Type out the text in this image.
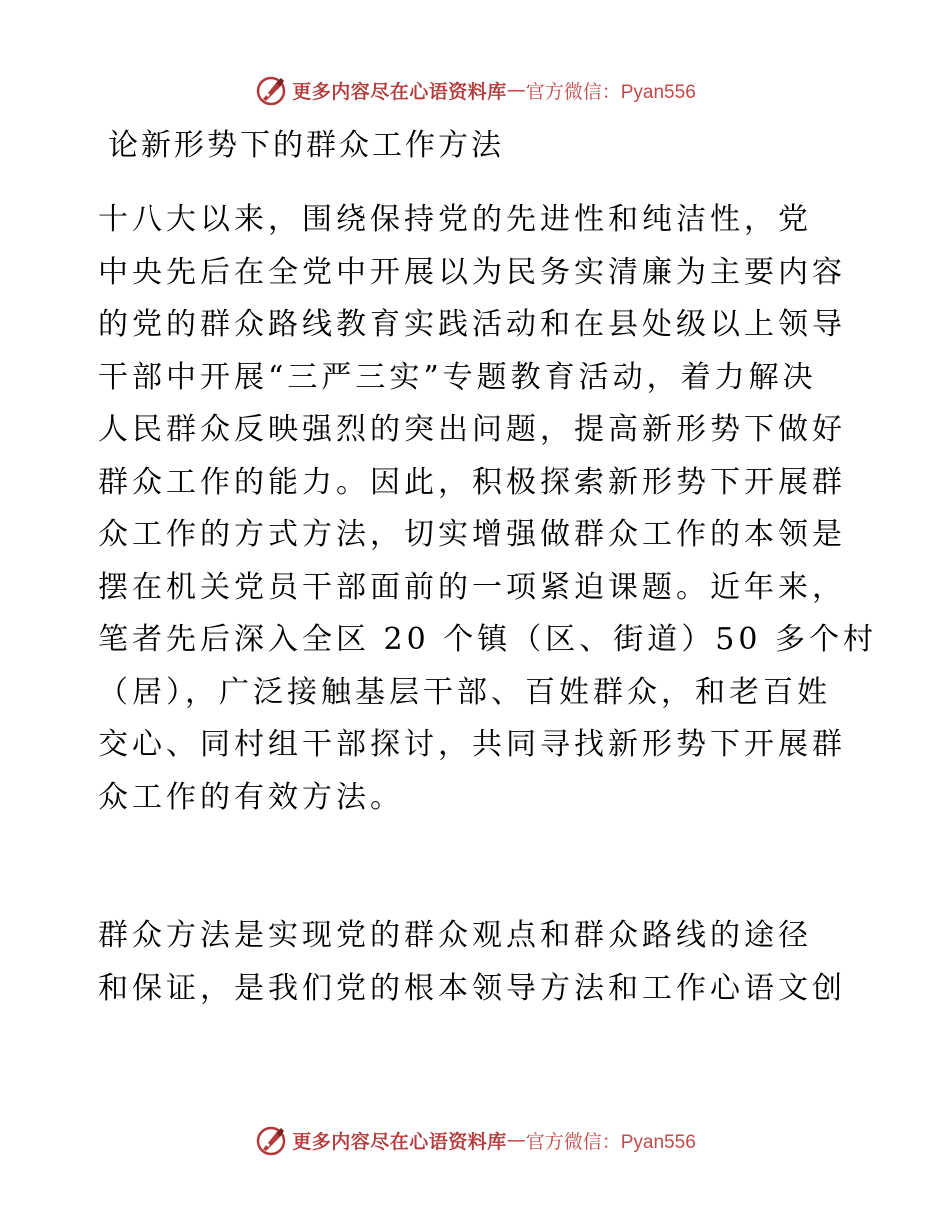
更多内容尽在心语资料库 — 官方微信：Pyan556
论新形势下的群众工作方法
十八大以来，围绕保持党的先进性和纯洁性，党
中央先后在全党中开展以为民务实清廉为主要内容
的党的群众路线教育实践活动和在县处级以上领导
干部中开展“三严三实”专题教育活动，着力解决
人民群众反映强烈的突出问题，提高新形势下做好
群众工作的能力。因此，积极探索新形势下开展群
众工作的方式方法，切实增强做群众工作的本领是
摆在机关党员干部面前的一项紧迫课题。近年来，
笔者先后深入全区 20 个镇（区、街道）50 多个村
（居），广泛接触基层干部、百姓群众，和老百姓
交心、同村组干部探讨，共同寻找新形势下开展群
众工作的有效方法。
群众方法是实现党的群众观点和群众路线的途径
和保证，是我们党的根本领导方法和工作心语文创
更多内容尽在心语资料库 — 官方微信：Pyan556
